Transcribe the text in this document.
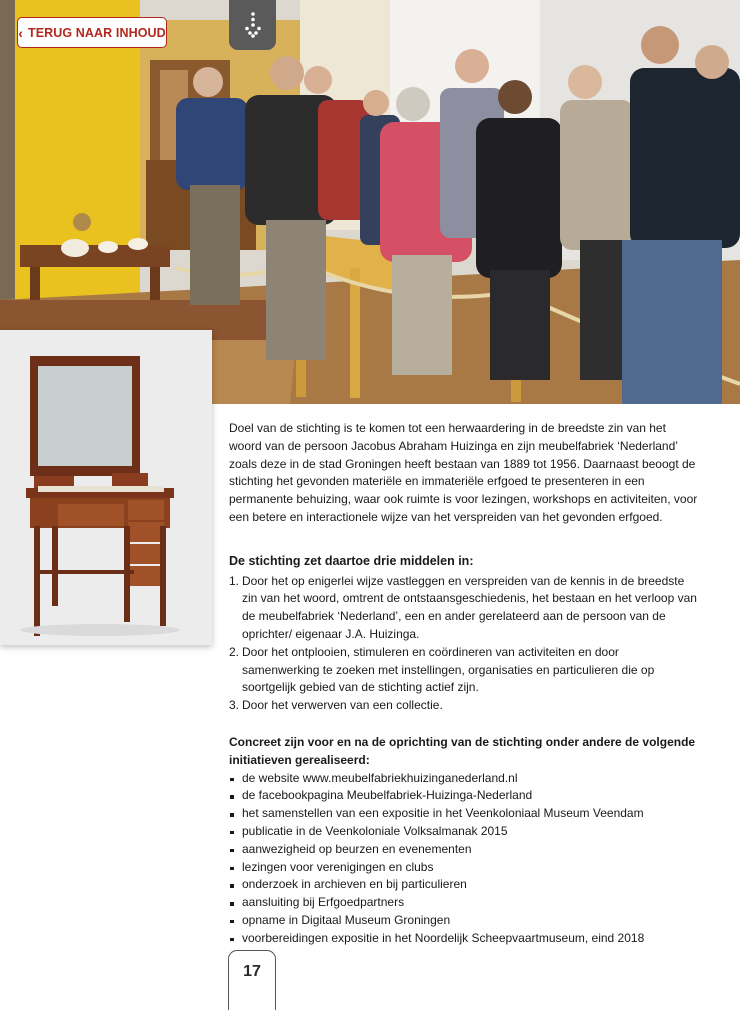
‹ TERUG NAAR INHOUD

Doel van de stichting is te komen tot een herwaardering in de breedste zin van het woord van de persoon Jacobus Abraham Huizinga en zijn meubelfabriek ‘Nederland’ zoals deze in de stad Groningen heeft bestaan van 1889 tot 1956. Daarnaast beoogt de stichting het gevonden materiële en immateriële erfgoed te presenteren in een permanente behuizing, waar ook ruimte is voor lezingen, workshops en activiteiten, voor een betere en interactionele wijze van het verspreiden van het gevonden erfgoed.

De stichting zet daartoe drie middelen in:

1. Door het op enigerlei wijze vastleggen en verspreiden van de kennis in de breedste zin van het woord, omtrent de ontstaansgeschiedenis, het bestaan en het verloop van de meubelfabriek ‘Nederland’, een en ander gerelateerd aan de persoon van de oprichter/ eigenaar J.A. Huizinga.
2. Door het ontplooien, stimuleren en coördineren van activiteiten en door samenwerking te zoeken met instellingen, organisaties en particulieren die op soortgelijk gebied van de stichting actief zijn.
3. Door het verwerven van een collectie.

Concreet zijn voor en na de oprichting van de stichting onder andere de volgende initiatieven gerealiseerd:

de website www.meubelfabriekhuizinganederland.nl
de facebookpagina Meubelfabriek-Huizinga-Nederland
het samenstellen van een expositie in het Veenkoloniaal Museum Veendam
publicatie in de Veenkoloniale Volksalmanak 2015
aanwezigheid op beurzen en evenementen
lezingen voor verenigingen en clubs
onderzoek in archieven en bij particulieren
aansluiting bij Erfgoedpartners
opname in Digitaal Museum Groningen
voorbereidingen expositie in het Noordelijk Scheepvaartmuseum, eind 2018
17
